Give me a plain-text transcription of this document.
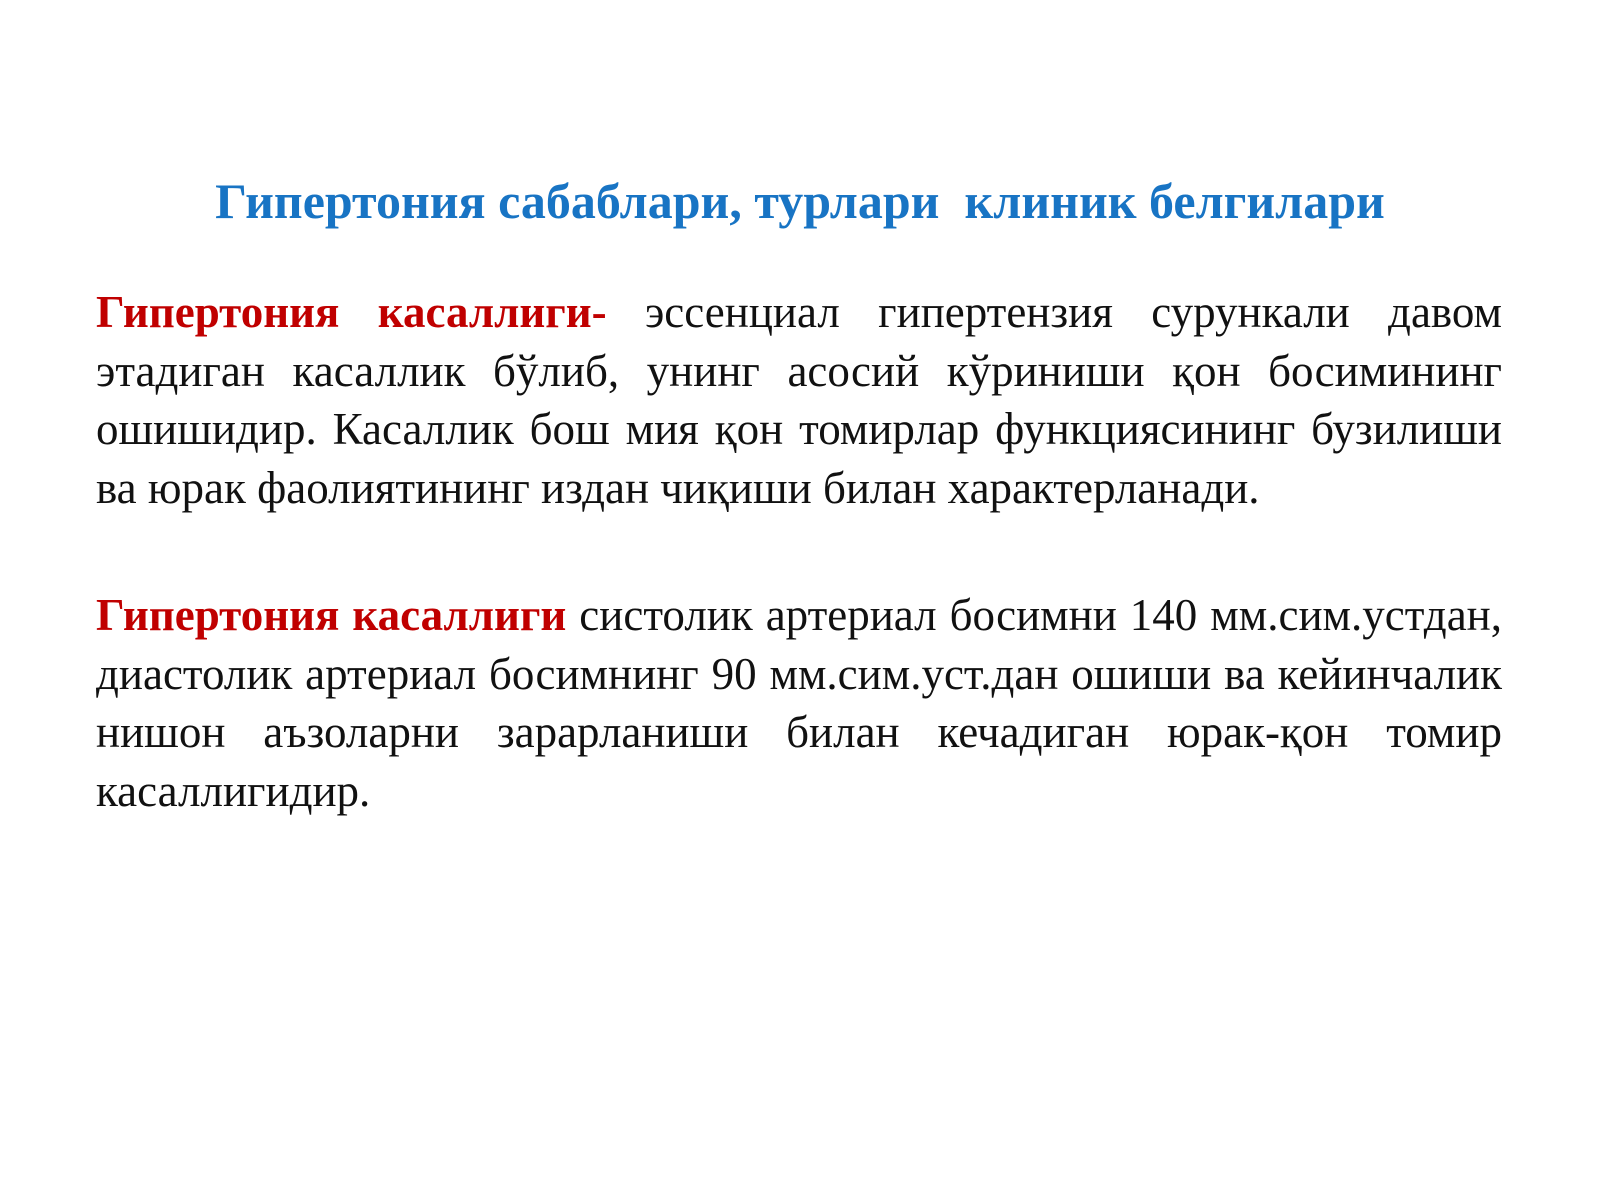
Гипертония сабаблари, турлари  клиник белгилари

Гипертония касаллиги- эссенциал гипертензия сурункали давом этадиган касаллик бўлиб, унинг асосий кўриниши қон босимининг ошишидир. Касаллик бош мия қон томирлар функциясининг бузилиши ва юрак фаолиятининг издан чиқиши билан характерланади.

Гипертония касаллиги систолик артериал босимни 140 мм.сим.устдан, диастолик артериал босимнинг 90 мм.сим.уст.дан ошиши ва кейинчалик нишон аъзоларни зарарланиши билан кечадиган юрак-қон томир касаллигидир.
